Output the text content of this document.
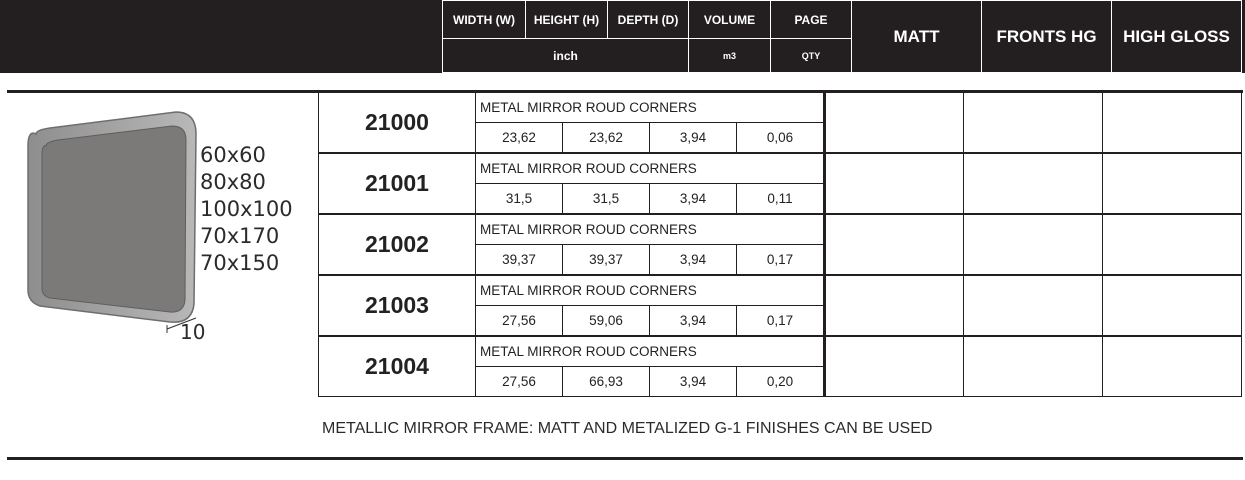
WIDTH (W)	HEIGHT (H)	DEPTH (D)	VOLUME	PAGE
inch	m3	QTY
MATT	FRONTS HG	HIGH GLOSS
60x60
80x80
100x100
70x170
70x150
10
21000
METAL MIRROR ROUD CORNERS
23,62	23,62	3,94	0,06
21001
METAL MIRROR ROUD CORNERS
31,5	31,5	3,94	0,11
21002
METAL MIRROR ROUD CORNERS
39,37	39,37	3,94	0,17
21003
METAL MIRROR ROUD CORNERS
27,56	59,06	3,94	0,17
21004
METAL MIRROR ROUD CORNERS
27,56	66,93	3,94	0,20
METALLIC MIRROR FRAME: MATT AND METALIZED G-1 FINISHES CAN BE USED
